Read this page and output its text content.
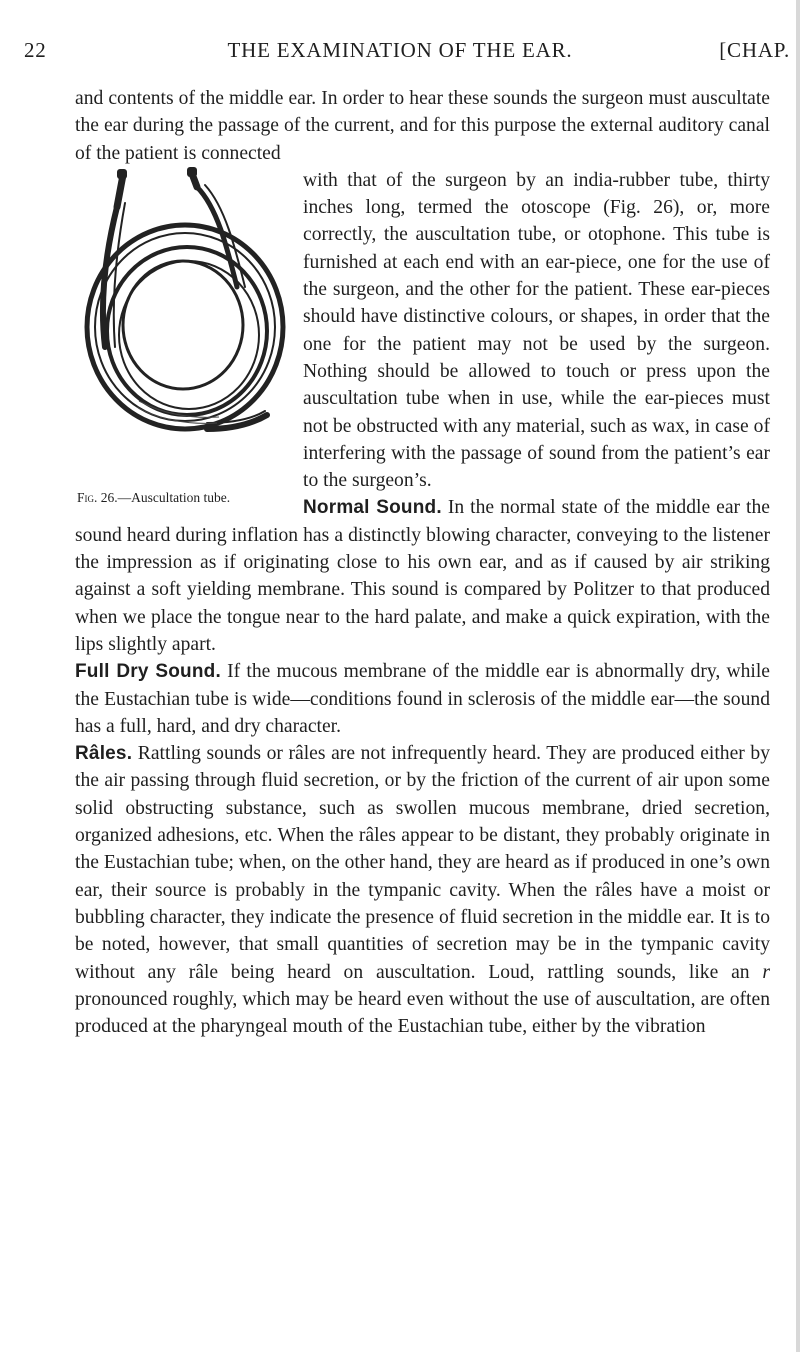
22	THE EXAMINATION OF THE EAR.	[CHAP.

and contents of the middle ear. In order to hear these sounds the surgeon must auscultate the ear during the passage of the current, and for this purpose the external auditory canal of the patient is connected

Fig. 26.—Auscultation tube.

with that of the surgeon by an india-rubber tube, thirty inches long, termed the otoscope (Fig. 26), or, more correctly, the auscultation tube, or otophone. This tube is furnished at each end with an ear-piece, one for the use of the surgeon, and the other for the patient. These ear-pieces should have distinctive colours, or shapes, in order that the one for the patient may not be used by the surgeon. Nothing should be allowed to touch or press upon the auscultation tube when in use, while the ear-pieces must not be obstructed with any material, such as wax, in case of interfering with the passage of sound from the patient’s ear to the surgeon’s.

Normal Sound. In the normal state of the middle ear the sound heard during inflation has a distinctly blowing character, conveying to the listener the impression as if originating close to his own ear, and as if caused by air striking against a soft yielding membrane. This sound is compared by Politzer to that produced when we place the tongue near to the hard palate, and make a quick expiration, with the lips slightly apart.

Full Dry Sound. If the mucous membrane of the middle ear is abnormally dry, while the Eustachian tube is wide—conditions found in sclerosis of the middle ear—the sound has a full, hard, and dry character.

Râles. Rattling sounds or râles are not infrequently heard. They are produced either by the air passing through fluid secretion, or by the friction of the current of air upon some solid obstructing substance, such as swollen mucous membrane, dried secretion, organized adhesions, etc. When the râles appear to be distant, they probably originate in the Eustachian tube; when, on the other hand, they are heard as if produced in one’s own ear, their source is probably in the tympanic cavity. When the râles have a moist or bubbling character, they indicate the presence of fluid secretion in the middle ear. It is to be noted, however, that small quantities of secretion may be in the tympanic cavity without any râle being heard on auscultation. Loud, rattling sounds, like an r pronounced roughly, which may be heard even without the use of auscultation, are often produced at the pharyngeal mouth of the Eustachian tube, either by the vibration
